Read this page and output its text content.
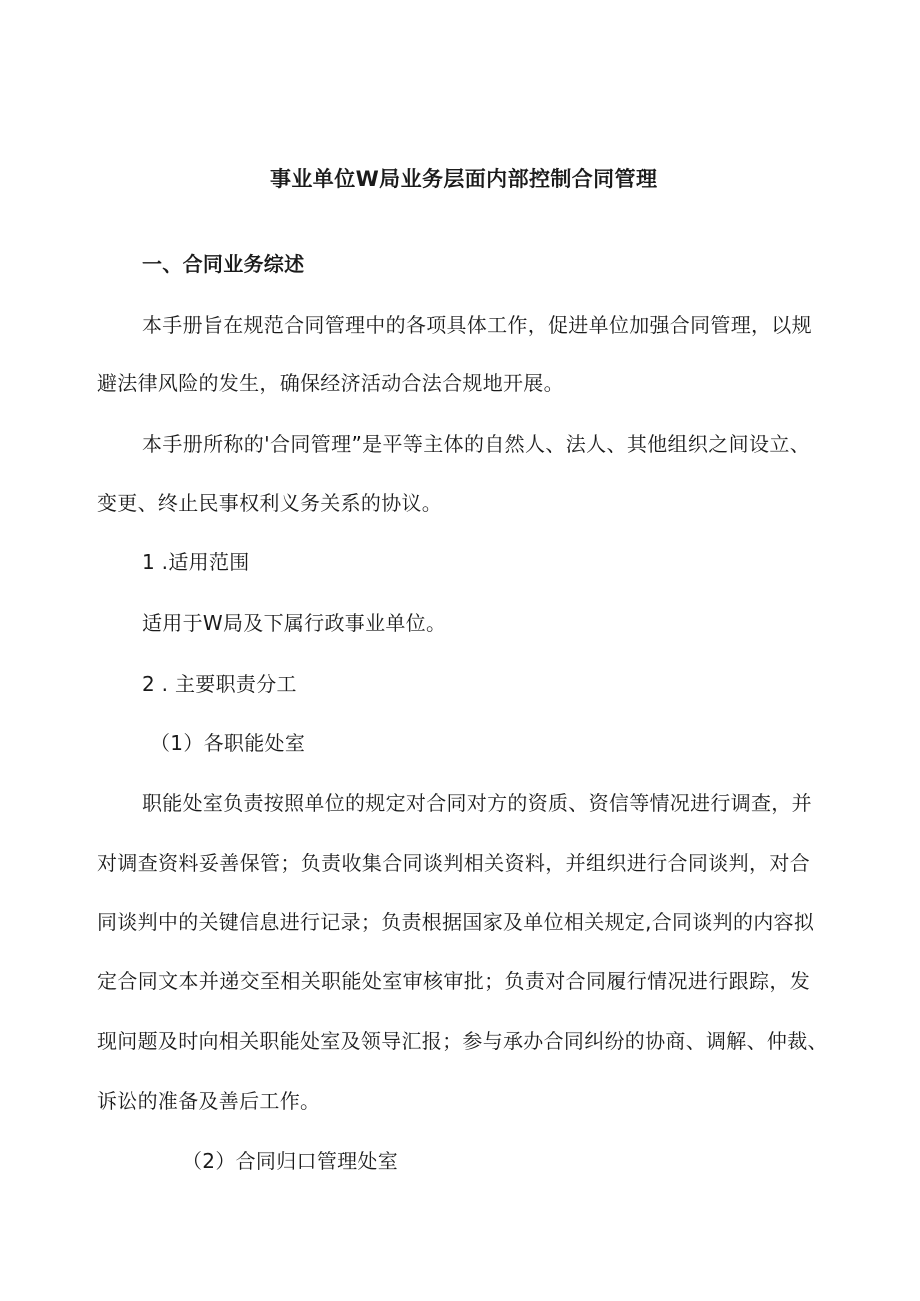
事业单位W局业务层面内部控制合同管理
一、合同业务综述
本手册旨在规范合同管理中的各项具体工作，促进单位加强合同管理，以规
避法律风险的发生，确保经济活动合法合规地开展。
本手册所称的'合同管理”是平等主体的自然人、法人、其他组织之间设立、
变更、终止民事权利义务关系的协议。
1 .适用范围
适用于W局及下属行政事业单位。
2 . 主要职责分工
（1）各职能处室
职能处室负责按照单位的规定对合同对方的资质、资信等情况进行调查，并
对调查资料妥善保管；负责收集合同谈判相关资料，并组织进行合同谈判，对合
同谈判中的关键信息进行记录；负责根据国家及单位相关规定,合同谈判的内容拟
定合同文本并递交至相关职能处室审核审批；负责对合同履行情况进行跟踪，发
现问题及时向相关职能处室及领导汇报；参与承办合同纠纷的协商、调解、仲裁、
诉讼的准备及善后工作。
（2）合同归口管理处室
